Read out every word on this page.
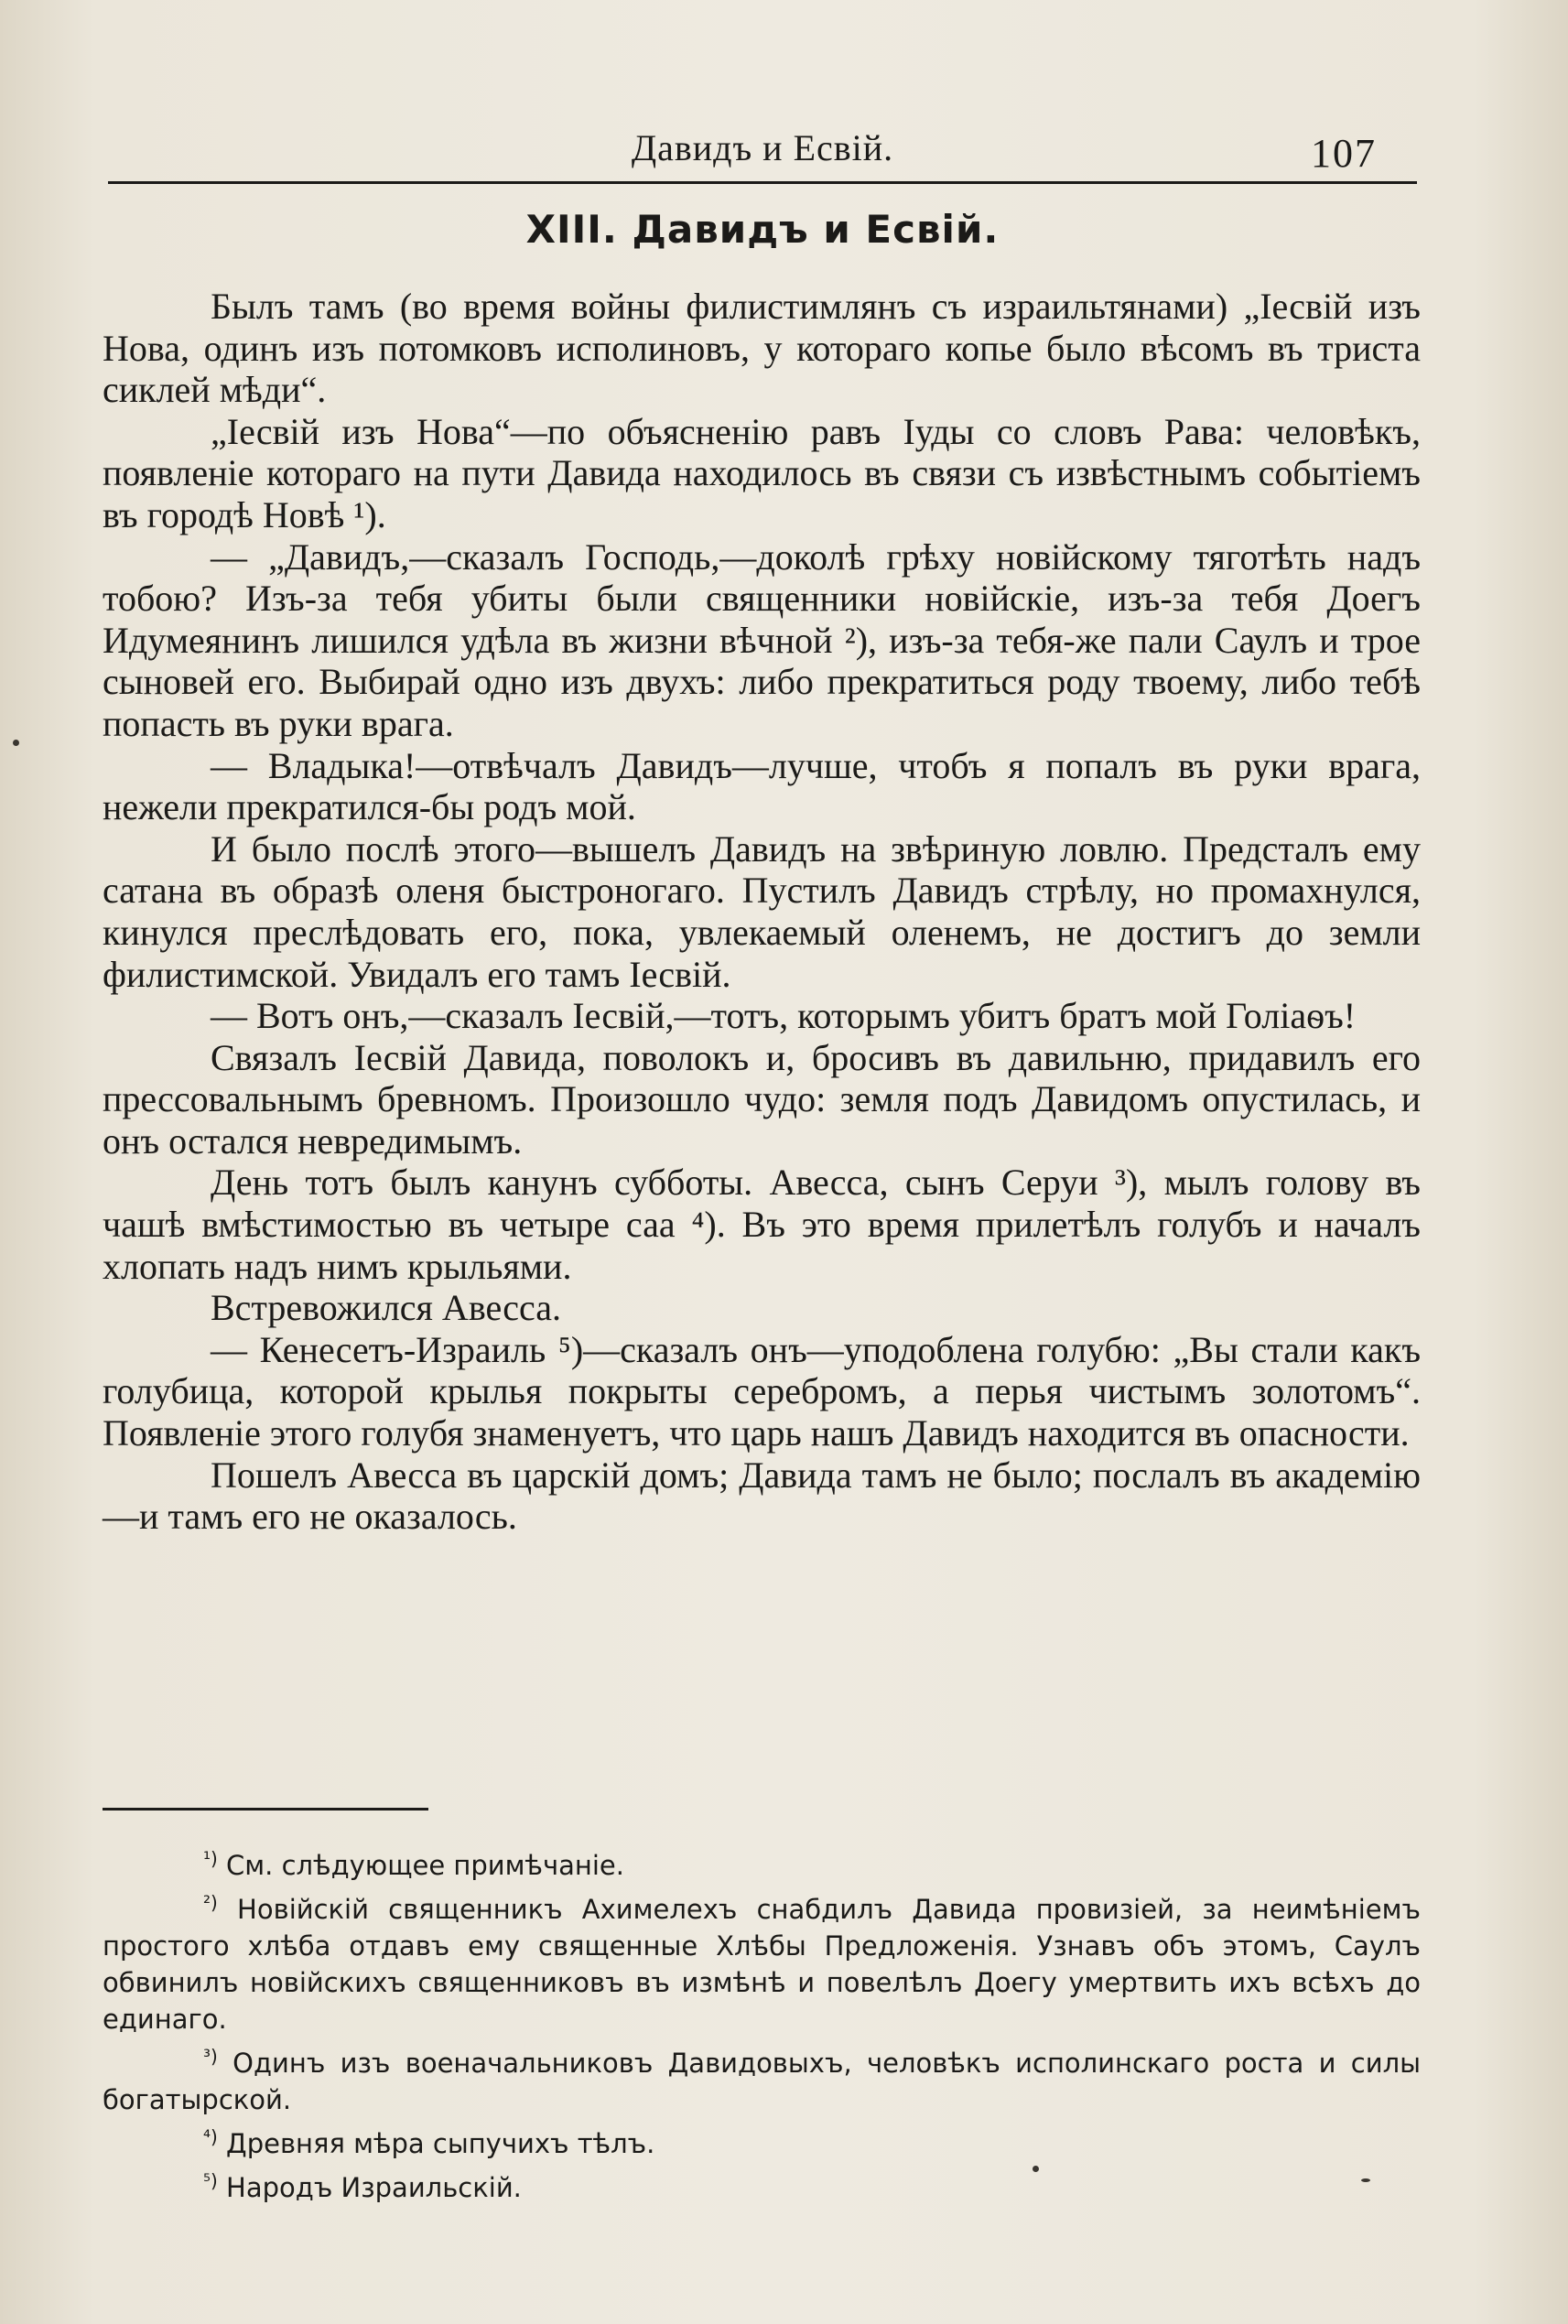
Давидъ и Есвій.	107
XIII. Давидъ и Есвій.

Былъ тамъ (во время войны филистимлянъ съ израильтянами) „Іесвій изъ Нова, одинъ изъ потомковъ исполиновъ, у котораго копье было вѣсомъ въ триста сиклей мѣди“.

„Іесвій изъ Нова“—по объясненію равъ Іуды со словъ Рава: человѣкъ, появленіе котораго на пути Давида находилось въ связи съ извѣстнымъ событіемъ въ городѣ Новѣ ¹).

— „Давидъ,—сказалъ Господь,—доколѣ грѣху новійскому тяготѣть надъ тобою? Изъ-за тебя убиты были священники новійскіе, изъ-за тебя Доегъ Идумеянинъ лишился удѣла въ жизни вѣчной ²), изъ-за тебя-же пали Саулъ и трое сыновей его. Выбирай одно изъ двухъ: либо прекратиться роду твоему, либо тебѣ попасть въ руки врага.

— Владыка!—отвѣчалъ Давидъ—лучше, чтобъ я попалъ въ руки врага, нежели прекратился-бы родъ мой.

И было послѣ этого—вышелъ Давидъ на звѣриную ловлю. Предсталъ ему сатана въ образѣ оленя быстроногаго. Пустилъ Давидъ стрѣлу, но промахнулся, кинулся преслѣдовать его, пока, увлекаемый оленемъ, не достигъ до земли филистимской. Увидалъ его тамъ Іесвій.

— Вотъ онъ,—сказалъ Іесвій,—тотъ, которымъ убитъ братъ мой Голіаѳъ!

Связалъ Іесвій Давида, поволокъ и, бросивъ въ давильню, придавилъ его прессовальнымъ бревномъ. Произошло чудо: земля подъ Давидомъ опустилась, и онъ остался невредимымъ.

День тотъ былъ канунъ субботы. Авесса, сынъ Серуи ³), мылъ голову въ чашѣ вмѣстимостью въ четыре саа ⁴). Въ это время прилетѣлъ голубъ и началъ хлопать надъ нимъ крыльями.

Встревожился Авесса.

— Кенесетъ-Израиль ⁵)—сказалъ онъ—уподоблена голубю: „Вы стали какъ голубица, которой крылья покрыты серебромъ, а перья чистымъ золотомъ“. Появленіе этого голубя знаменуетъ, что царь нашъ Давидъ находится въ опасности.

Пошелъ Авесса въ царскій домъ; Давида тамъ не было; послалъ въ академію—и тамъ его не оказалось.

$^{^1)}$ См. слѣдующее примѣчаніе.

$^{^2)}$ Новійскій священникъ Ахимелехъ снабдилъ Давида провизіей, за неимѣніемъ простого хлѣба отдавъ ему священные Хлѣбы Предложенія. Узнавъ объ этомъ, Саулъ обвинилъ новійскихъ священниковъ въ измѣнѣ и повелѣлъ Доегу умертвить ихъ всѣхъ до единаго.

$^{^3)}$ Одинъ изъ военачальниковъ Давидовыхъ, человѣкъ исполинскаго роста и силы богатырской.

$^{^4)}$ Древняя мѣра сыпучихъ тѣлъ.

$^{^5)}$ Народъ Израильскій.
